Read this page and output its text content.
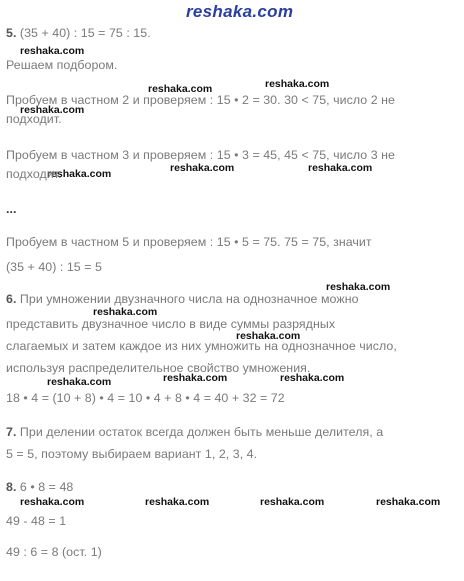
reshaka.com
5. (35 + 40) : 15 = 75 : 15.
reshaka.com
Решаем подбором.
reshaka.com	reshaka.com
reshaka.com
Пробуем в частном 2 и проверяем : 15 • 2 = 30. 30 < 75, число 2 не
подходит.
Пробуем в частном 3 и проверяем : 15 • 3 = 45, 45 < 75, число 3 не
reshaka.com	reshaka.com
reshaka.com
подходит.
...
Пробуем в частном 5 и проверяем : 15 • 5 = 75. 75 = 75, значит
(35 + 40) : 15 = 5
reshaka.com
6. При умножении двузначного числа на однозначное можно
reshaka.com
представить двузначное число в виде суммы разрядных
reshaka.com
слагаемых и затем каждое из них умножить на однозначное число,
используя распределительное свойство умножения.
reshaka.com	reshaka.com	reshaka.com
18 • 4 = (10 + 8) • 4 = 10 • 4 + 8 • 4 = 40 + 32 = 72
7. При делении остаток всегда должен быть меньше делителя, а
5 = 5, поэтому выбираем вариант 1, 2, 3, 4.
8. 6 • 8 = 48
reshaka.com	reshaka.com	reshaka.com	reshaka.com
49 - 48 = 1
49 : 6 = 8 (ост. 1)
